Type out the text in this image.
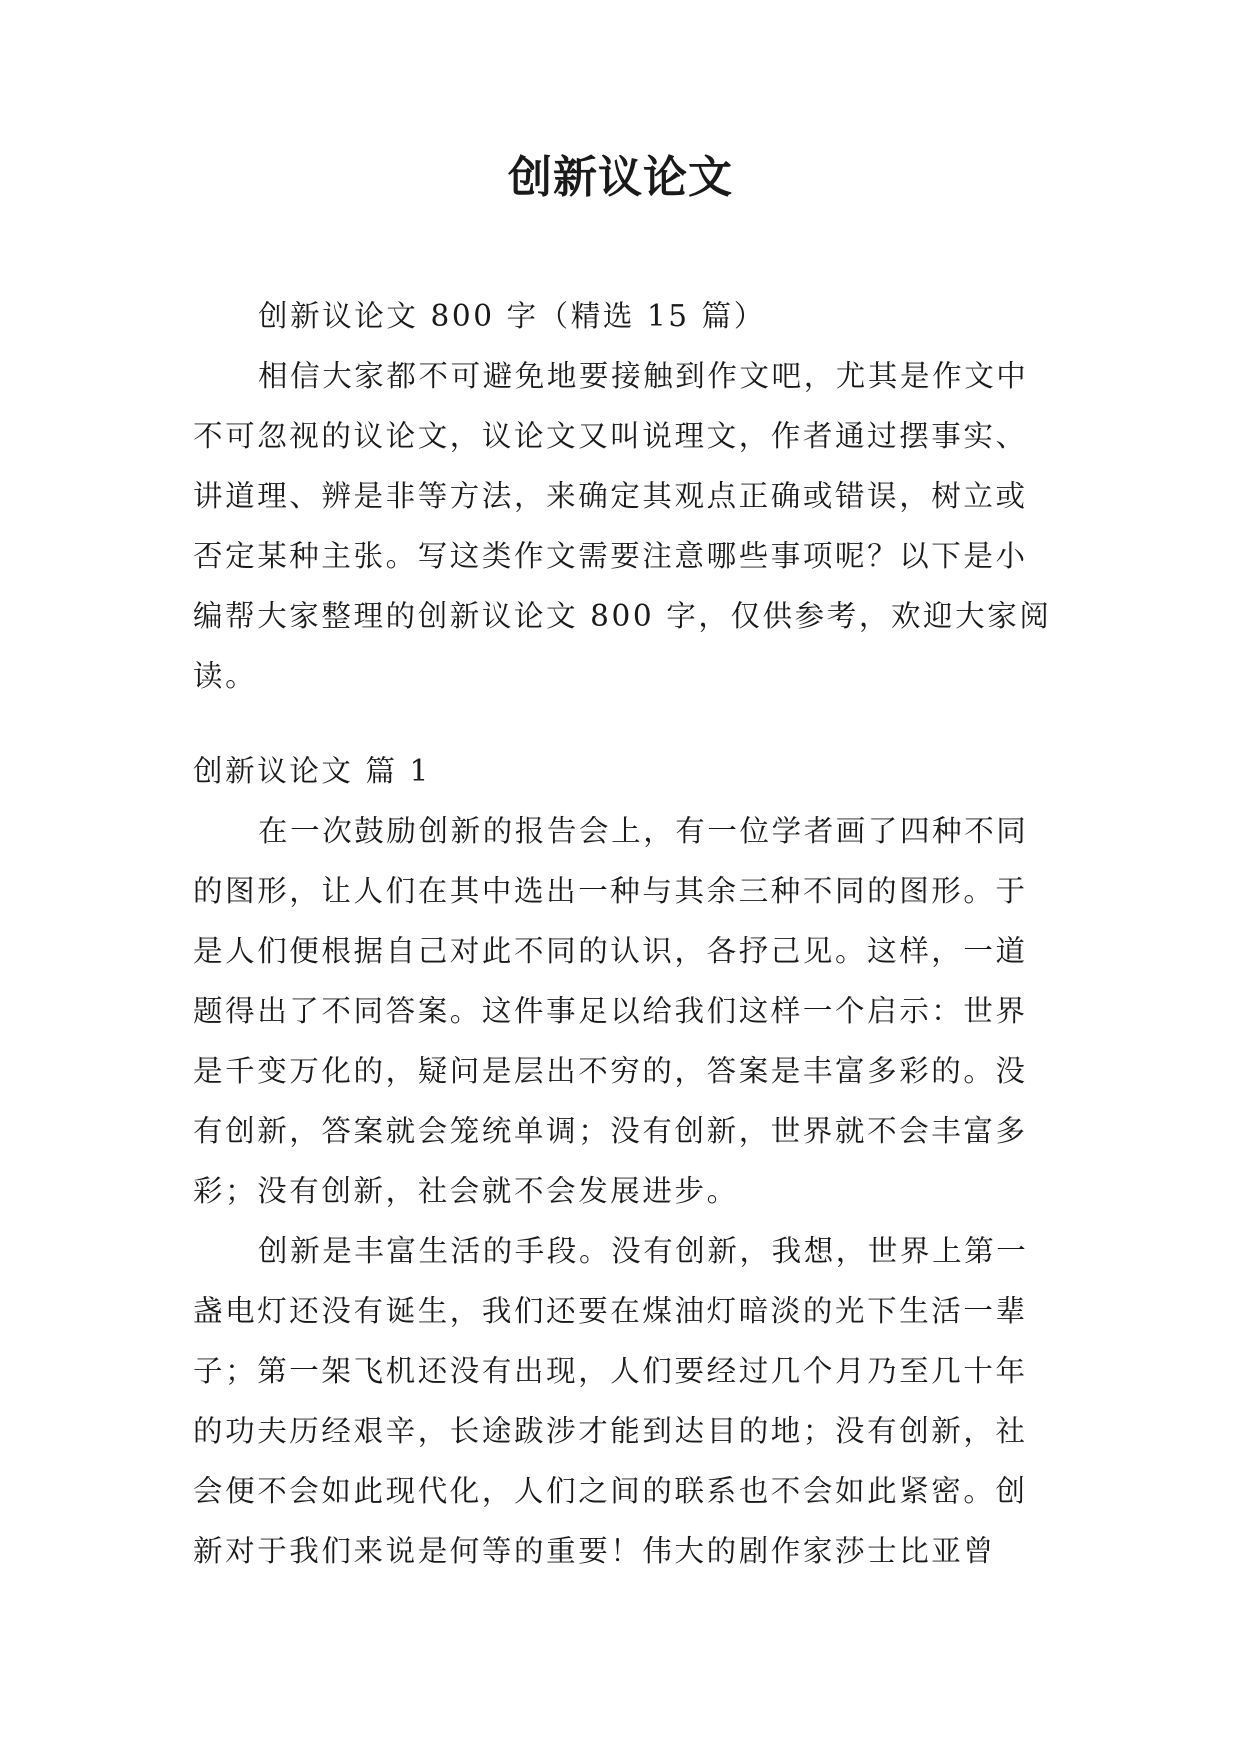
创新议论文
创新议论文 800 字（精选 15 篇）
相信大家都不可避免地要接触到作文吧，尤其是作文中
不可忽视的议论文，议论文又叫说理文，作者通过摆事实、
讲道理、辨是非等方法，来确定其观点正确或错误，树立或
否定某种主张。写这类作文需要注意哪些事项呢？以下是小
编帮大家整理的创新议论文 800 字，仅供参考，欢迎大家阅
读。
创新议论文 篇 1
在一次鼓励创新的报告会上，有一位学者画了四种不同
的图形，让人们在其中选出一种与其余三种不同的图形。于
是人们便根据自己对此不同的认识，各抒己见。这样，一道
题得出了不同答案。这件事足以给我们这样一个启示：世界
是千变万化的，疑问是层出不穷的，答案是丰富多彩的。没
有创新，答案就会笼统单调；没有创新，世界就不会丰富多
彩；没有创新，社会就不会发展进步。
创新是丰富生活的手段。没有创新，我想，世界上第一
盏电灯还没有诞生，我们还要在煤油灯暗淡的光下生活一辈
子；第一架飞机还没有出现，人们要经过几个月乃至几十年
的功夫历经艰辛，长途跋涉才能到达目的地；没有创新，社
会便不会如此现代化，人们之间的联系也不会如此紧密。创
新对于我们来说是何等的重要！伟大的剧作家莎士比亚曾
